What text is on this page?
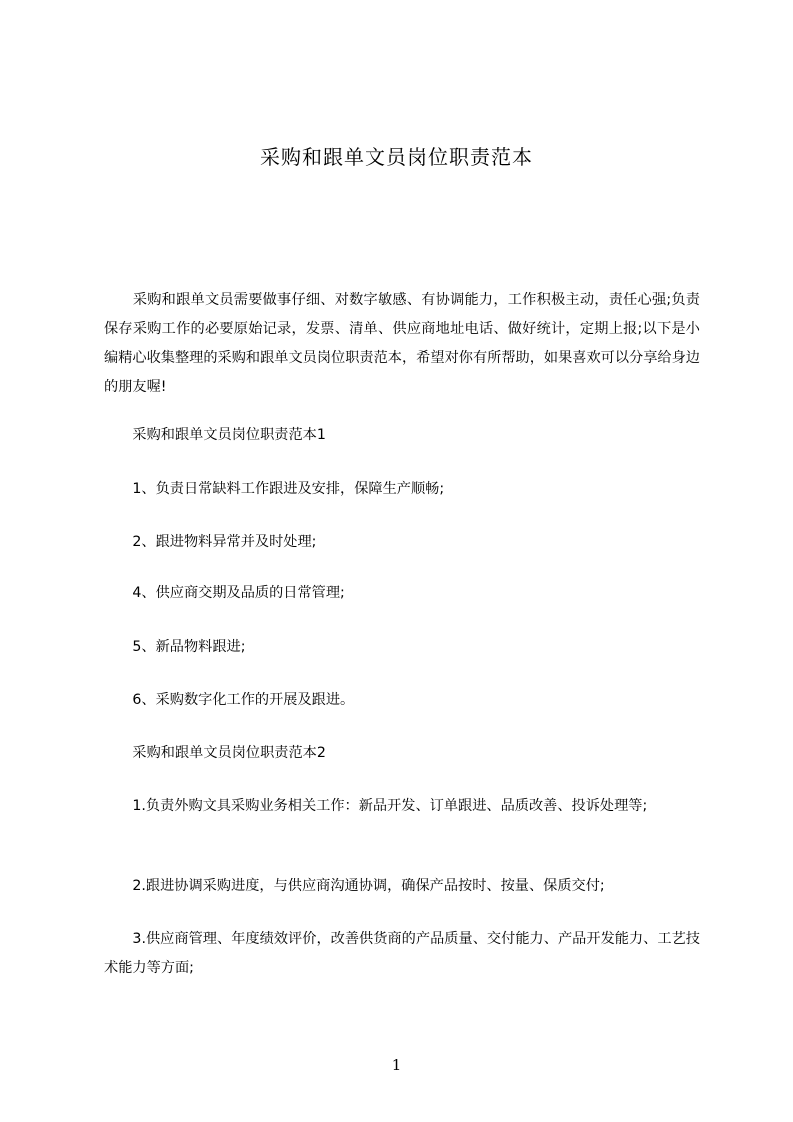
采购和跟单文员岗位职责范本

　　采购和跟单文员需要做事仔细、对数字敏感、有协调能力，工作积极主动，责任心强;负责保存采购工作的必要原始记录，发票、清单、供应商地址电话、做好统计，定期上报;以下是小编精心收集整理的采购和跟单文员岗位职责范本，希望对你有所帮助，如果喜欢可以分享给身边的朋友喔!

　　采购和跟单文员岗位职责范本1

　　1、负责日常缺料工作跟进及安排，保障生产顺畅;

　　2、跟进物料异常并及时处理;

　　4、供应商交期及品质的日常管理;

　　5、新品物料跟进;

　　6、采购数字化工作的开展及跟进。

　　采购和跟单文员岗位职责范本2

　　1.负责外购文具采购业务相关工作：新品开发、订单跟进、品质改善、投诉处理等;

　　2.跟进协调采购进度，与供应商沟通协调，确保产品按时、按量、保质交付;

　　3.供应商管理、年度绩效评价，改善供货商的产品质量、交付能力、产品开发能力、工艺技术能力等方面;

1
